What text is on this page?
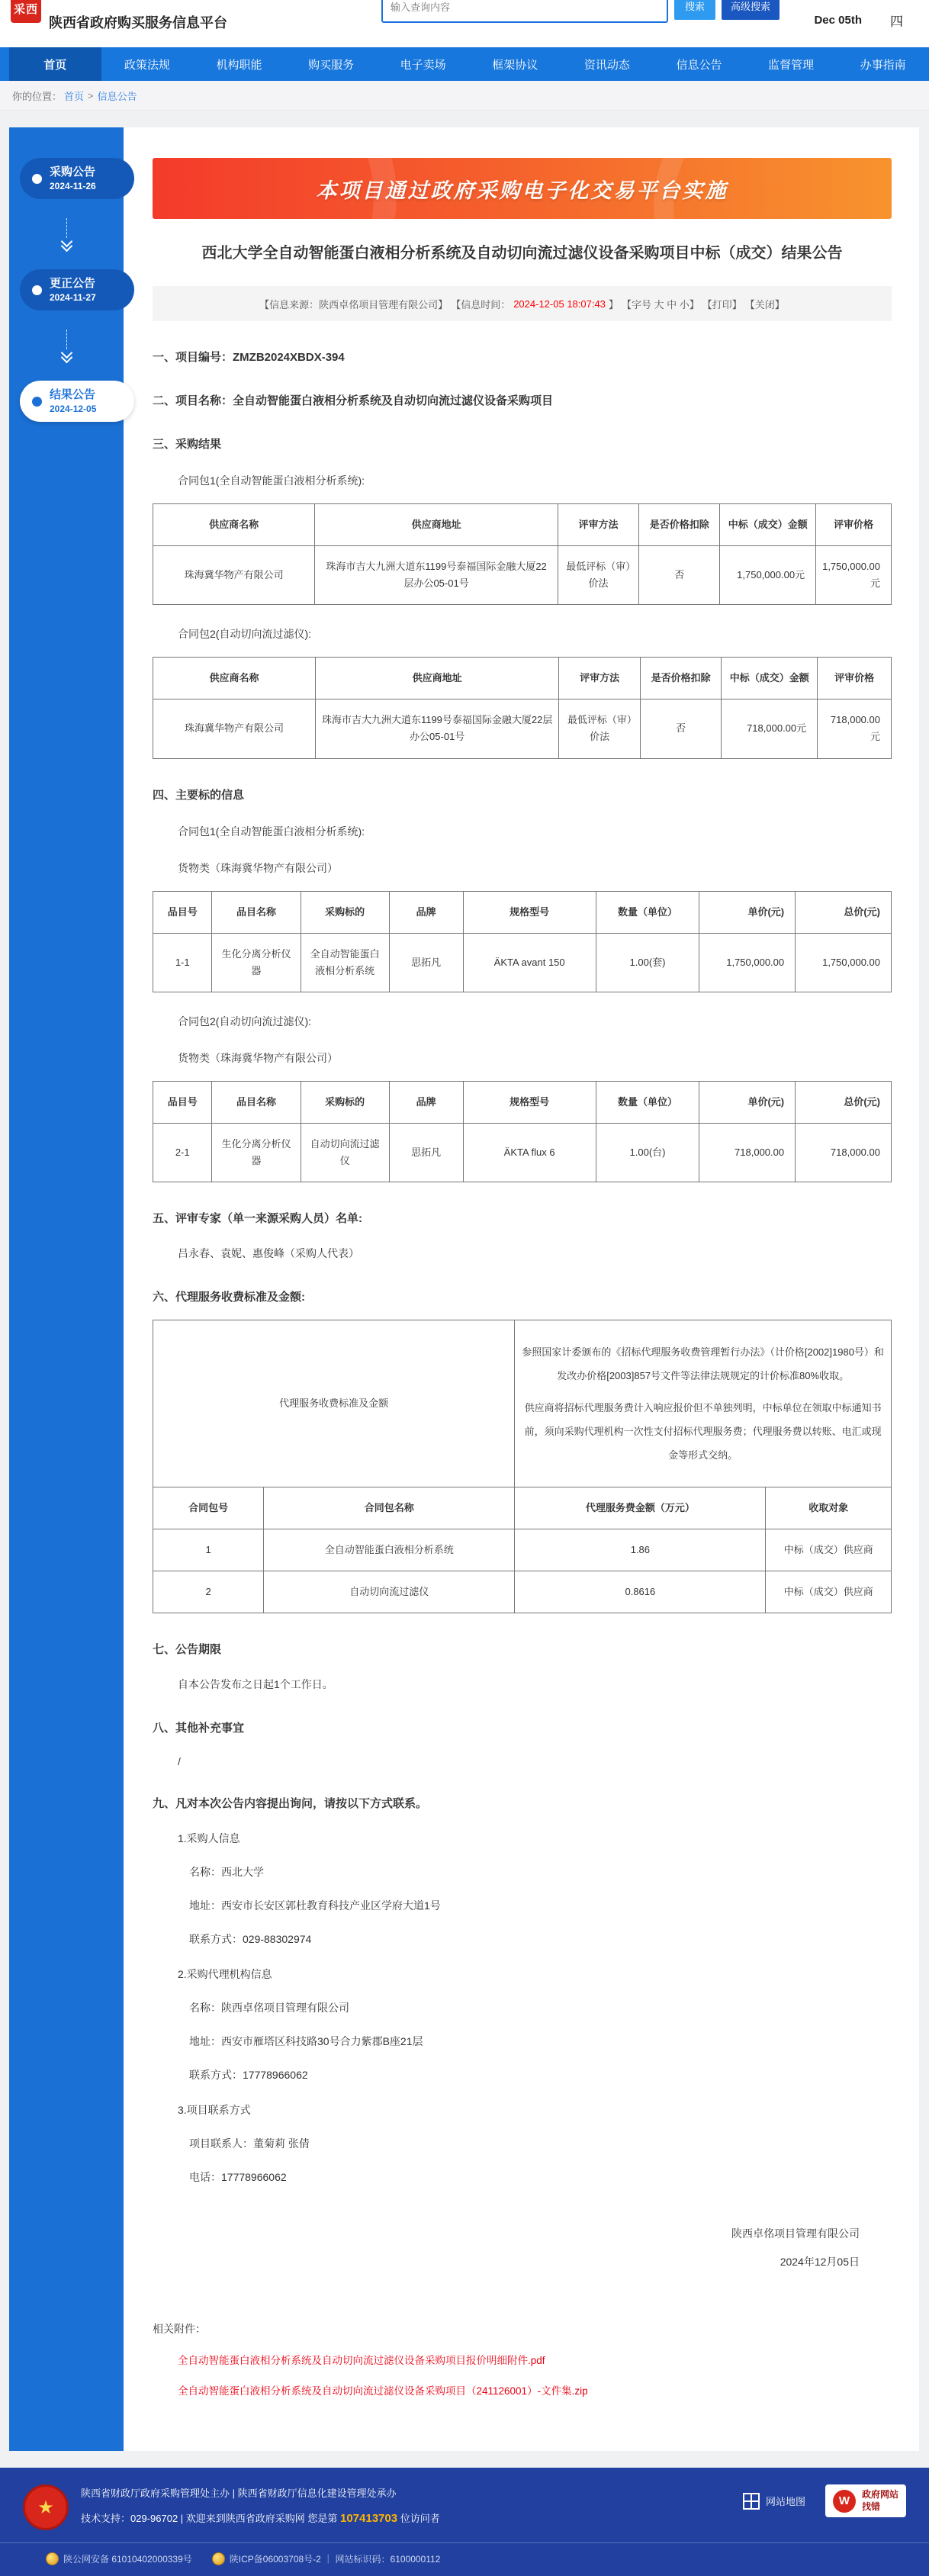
采西
陕西省政府购买服务信息平台
输入查询内容
搜索	高级搜索
Dec 05th 四
首页	政策法规	机构职能	购买服务	电子卖场	框架协议	资讯动态	信息公告	监督管理	办事指南
你的位置： 首页 > 信息公告
采购公告
2024-11-26
更正公告
2024-11-27
结果公告
2024-12-05
本项目通过政府采购电子化交易平台实施
西北大学全自动智能蛋白液相分析系统及自动切向流过滤仪设备采购项目中标（成交）结果公告
【信息来源：陕西卓佲项目管理有限公司】 【信息时间： 2024-12-05 18:07:43 】 【字号 大 中 小】 【打印】 【关闭】
一、项目编号：ZMZB2024XBDX-394
二、项目名称：全自动智能蛋白液相分析系统及自动切向流过滤仪设备采购项目
三、采购结果
合同包1(全自动智能蛋白液相分析系统):
供应商名称	供应商地址	评审方法	是否价格扣除	中标（成交）金额	评审价格
珠海冀华物产有限公司	珠海市吉大九洲大道东1199号泰福国际金融大厦22层办公05-01号	最低评标（审）价法	否	1,750,000.00元	1,750,000.00元
合同包2(自动切向流过滤仪):
供应商名称	供应商地址	评审方法	是否价格扣除	中标（成交）金额	评审价格
珠海冀华物产有限公司	珠海市吉大九洲大道东1199号泰福国际金融大厦22层办公05-01号	最低评标（审）价法	否	718,000.00元	718,000.00元
四、主要标的信息
合同包1(全自动智能蛋白液相分析系统):
货物类（珠海冀华物产有限公司）
品目号	品目名称	采购标的	品牌	规格型号	数量（单位）	单价(元)	总价(元)
1-1	生化分离分析仪器	全自动智能蛋白液相分析系统	思拓凡	ÄKTA avant 150	1.00(套)	1,750,000.00	1,750,000.00
合同包2(自动切向流过滤仪):
货物类（珠海冀华物产有限公司）
品目号	品目名称	采购标的	品牌	规格型号	数量（单位）	单价(元)	总价(元)
2-1	生化分离分析仪器	自动切向流过滤仪	思拓凡	ÄKTA flux 6	1.00(台)	718,000.00	718,000.00
五、评审专家（单一来源采购人员）名单:
吕永春、袁妮、惠俊峰（采购人代表）
六、代理服务收费标准及金额:
代理服务收费标准及金额		参照国家计委颁布的《招标代理服务收费管理暂行办法》（计价格[2002]1980号）和发改办价格[2003]857号文件等法律法规规定的计价标准80%收取。

供应商将招标代理服务费计入响应报价但不单独列明，中标单位在领取中标通知书前，须向采购代理机构一次性支付招标代理服务费；代理服务费以转账、电汇或现金等形式交纳。	

合同包号	合同包名称	代理服务费金额（万元）	收取对象
1	全自动智能蛋白液相分析系统	1.86	中标（成交）供应商
2	自动切向流过滤仪	0.8616	中标（成交）供应商
七、公告期限
自本公告发布之日起1个工作日。
八、其他补充事宜
/
九、凡对本次公告内容提出询问，请按以下方式联系。
1.采购人信息
名称：西北大学
地址：西安市长安区郭杜教育科技产业区学府大道1号
联系方式：029-88302974
2.采购代理机构信息
名称：陕西卓佲项目管理有限公司
地址：西安市雁塔区科技路30号合力紫郡B座21层
联系方式：17778966062
3.项目联系方式
项目联系人：董菊莉 张倩
电话：17778966062
陕西卓佲项目管理有限公司
2024年12月05日
相关附件：
全自动智能蛋白液相分析系统及自动切向流过滤仪设备采购项目报价明细附件.pdf
全自动智能蛋白液相分析系统及自动切向流过滤仪设备采购项目（241126001）-文件集.zip
★
陕西省财政厅政府采购管理处主办 | 陕西省财政厅信息化建设管理处承办
技术支持：029-96702 | 欢迎来到陕西省政府采购网 您是第 107413703 位访问者
网站地图	W
政府网站
找错
陕公网安备 61010402000339号	陕ICP备06003708号-2 ｜ 网站标识码：6100000112
